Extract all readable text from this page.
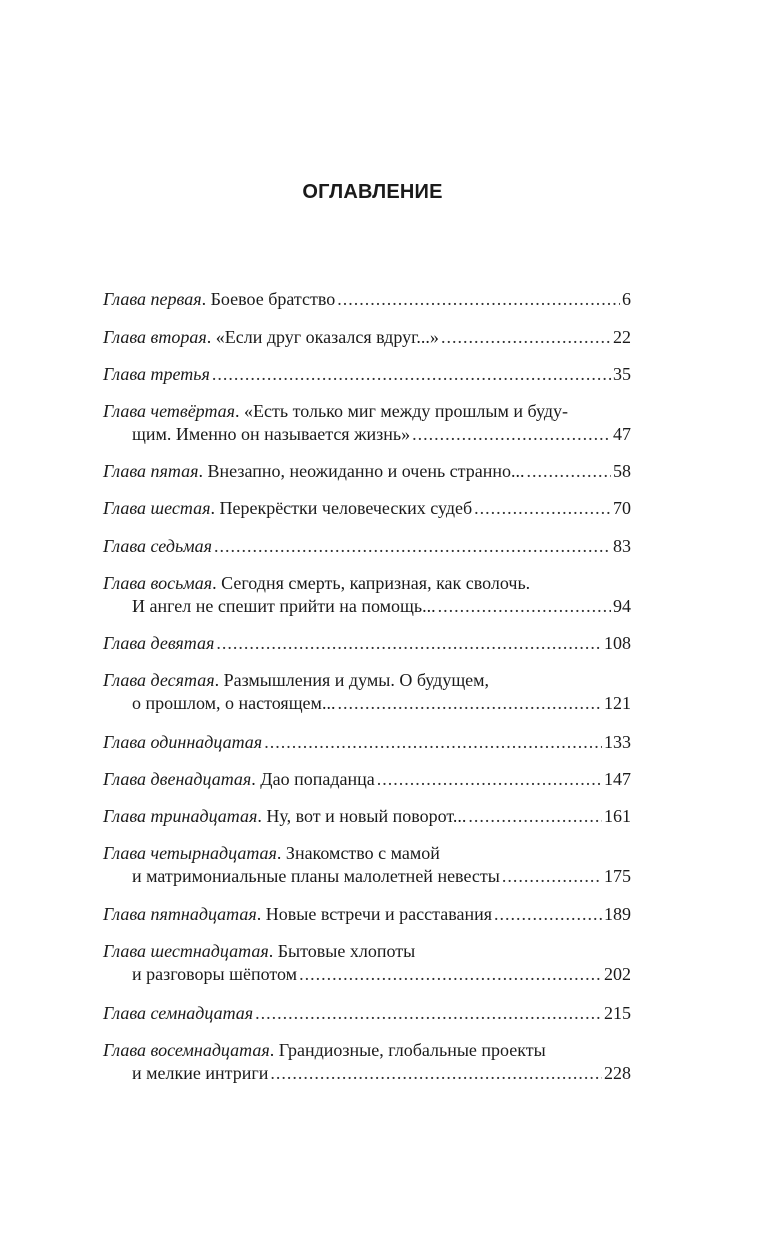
ОГЛАВЛЕНИЕ
Глава первая . Боевое братство .....	6
Глава вторая . «Если друг оказался вдруг...» .....	22
Глава третья .....	35
Глава четвёртая . «Есть только миг между прошлым и буду-
щим. Именно он называется жизнь» .....	47
Глава пятая . Внезапно, неожиданно и очень странно... .....	58
Глава шестая . Перекрёстки человеческих судеб .....	70
Глава седьмая .....	83
Глава восьмая . Сегодня смерть, капризная, как сволочь.
И ангел не спешит прийти на помощь... .....	94
Глава девятая .....	108
Глава десятая . Размышления и думы. О будущем,
о прошлом, о настоящем... .....	121
Глава одиннадцатая .....	133
Глава двенадцатая . Дао попаданца .....	147
Глава тринадцатая . Ну, вот и новый поворот... .....	161
Глава четырнадцатая . Знакомство с мамой
и матримониальные планы малолетней невесты .....	175
Глава пятнадцатая . Новые встречи и расставания .....	189
Глава шестнадцатая . Бытовые хлопоты
и разговоры шёпотом .....	202
Глава семнадцатая .....	215
Глава восемнадцатая . Грандиозные, глобальные проекты
и мелкие интриги .....	228
